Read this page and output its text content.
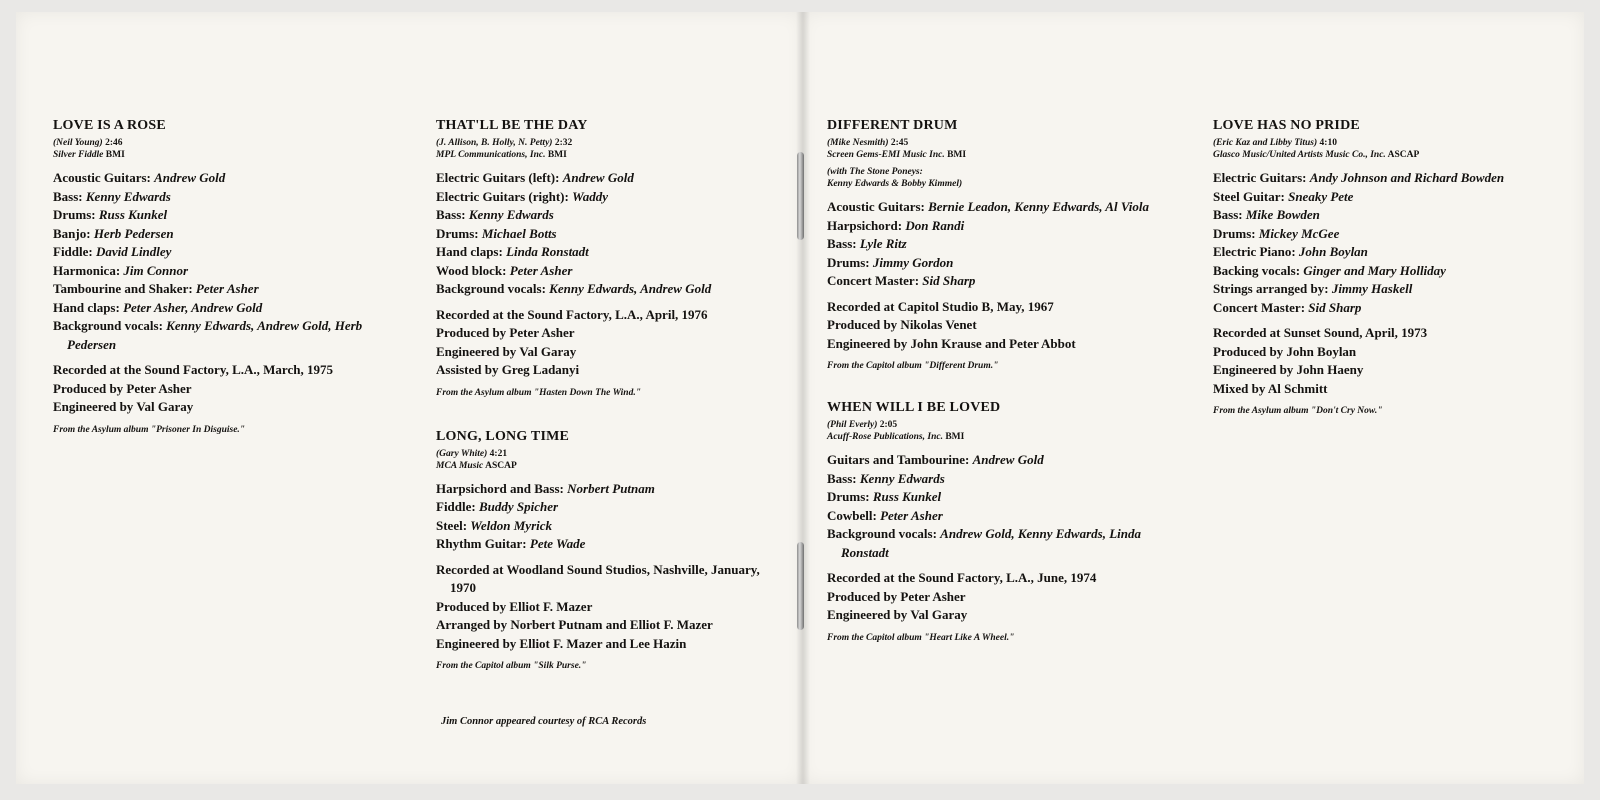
LOVE IS A ROSE
(Neil Young) 2:46
Silver Fiddle BMI
Acoustic Guitars: Andrew Gold
Bass: Kenny Edwards
Drums: Russ Kunkel
Banjo: Herb Pedersen
Fiddle: David Lindley
Harmonica: Jim Connor
Tambourine and Shaker: Peter Asher
Hand claps: Peter Asher, Andrew Gold
Background vocals: Kenny Edwards, Andrew Gold, Herb Pedersen
Recorded at the Sound Factory, L.A., March, 1975
Produced by Peter Asher
Engineered by Val Garay
From the Asylum album "Prisoner In Disguise."
THAT'LL BE THE DAY
(J. Allison, B. Holly, N. Petty) 2:32
MPL Communications, Inc. BMI
Electric Guitars (left): Andrew Gold
Electric Guitars (right): Waddy
Bass: Kenny Edwards
Drums: Michael Botts
Hand claps: Linda Ronstadt
Wood block: Peter Asher
Background vocals: Kenny Edwards, Andrew Gold
Recorded at the Sound Factory, L.A., April, 1976
Produced by Peter Asher
Engineered by Val Garay
Assisted by Greg Ladanyi
From the Asylum album "Hasten Down The Wind."
LONG, LONG TIME
(Gary White) 4:21
MCA Music ASCAP
Harpsichord and Bass: Norbert Putnam
Fiddle: Buddy Spicher
Steel: Weldon Myrick
Rhythm Guitar: Pete Wade
Recorded at Woodland Sound Studios, Nashville, January, 1970
Produced by Elliot F. Mazer
Arranged by Norbert Putnam and Elliot F. Mazer
Engineered by Elliot F. Mazer and Lee Hazin
From the Capitol album "Silk Purse."
Jim Connor appeared courtesy of RCA Records
DIFFERENT DRUM
(Mike Nesmith) 2:45
Screen Gems-EMI Music Inc. BMI
(with The Stone Poneys:
Kenny Edwards & Bobby Kimmel)
Acoustic Guitars: Bernie Leadon, Kenny Edwards, Al Viola
Harpsichord: Don Randi
Bass: Lyle Ritz
Drums: Jimmy Gordon
Concert Master: Sid Sharp
Recorded at Capitol Studio B, May, 1967
Produced by Nikolas Venet
Engineered by John Krause and Peter Abbot
From the Capitol album "Different Drum."
WHEN WILL I BE LOVED
(Phil Everly) 2:05
Acuff-Rose Publications, Inc. BMI
Guitars and Tambourine: Andrew Gold
Bass: Kenny Edwards
Drums: Russ Kunkel
Cowbell: Peter Asher
Background vocals: Andrew Gold, Kenny Edwards, Linda Ronstadt
Recorded at the Sound Factory, L.A., June, 1974
Produced by Peter Asher
Engineered by Val Garay
From the Capitol album "Heart Like A Wheel."
LOVE HAS NO PRIDE
(Eric Kaz and Libby Titus) 4:10
Glasco Music/United Artists Music Co., Inc. ASCAP
Electric Guitars: Andy Johnson and Richard Bowden
Steel Guitar: Sneaky Pete
Bass: Mike Bowden
Drums: Mickey McGee
Electric Piano: John Boylan
Backing vocals: Ginger and Mary Holliday
Strings arranged by: Jimmy Haskell
Concert Master: Sid Sharp
Recorded at Sunset Sound, April, 1973
Produced by John Boylan
Engineered by John Haeny
Mixed by Al Schmitt
From the Asylum album "Don't Cry Now."
